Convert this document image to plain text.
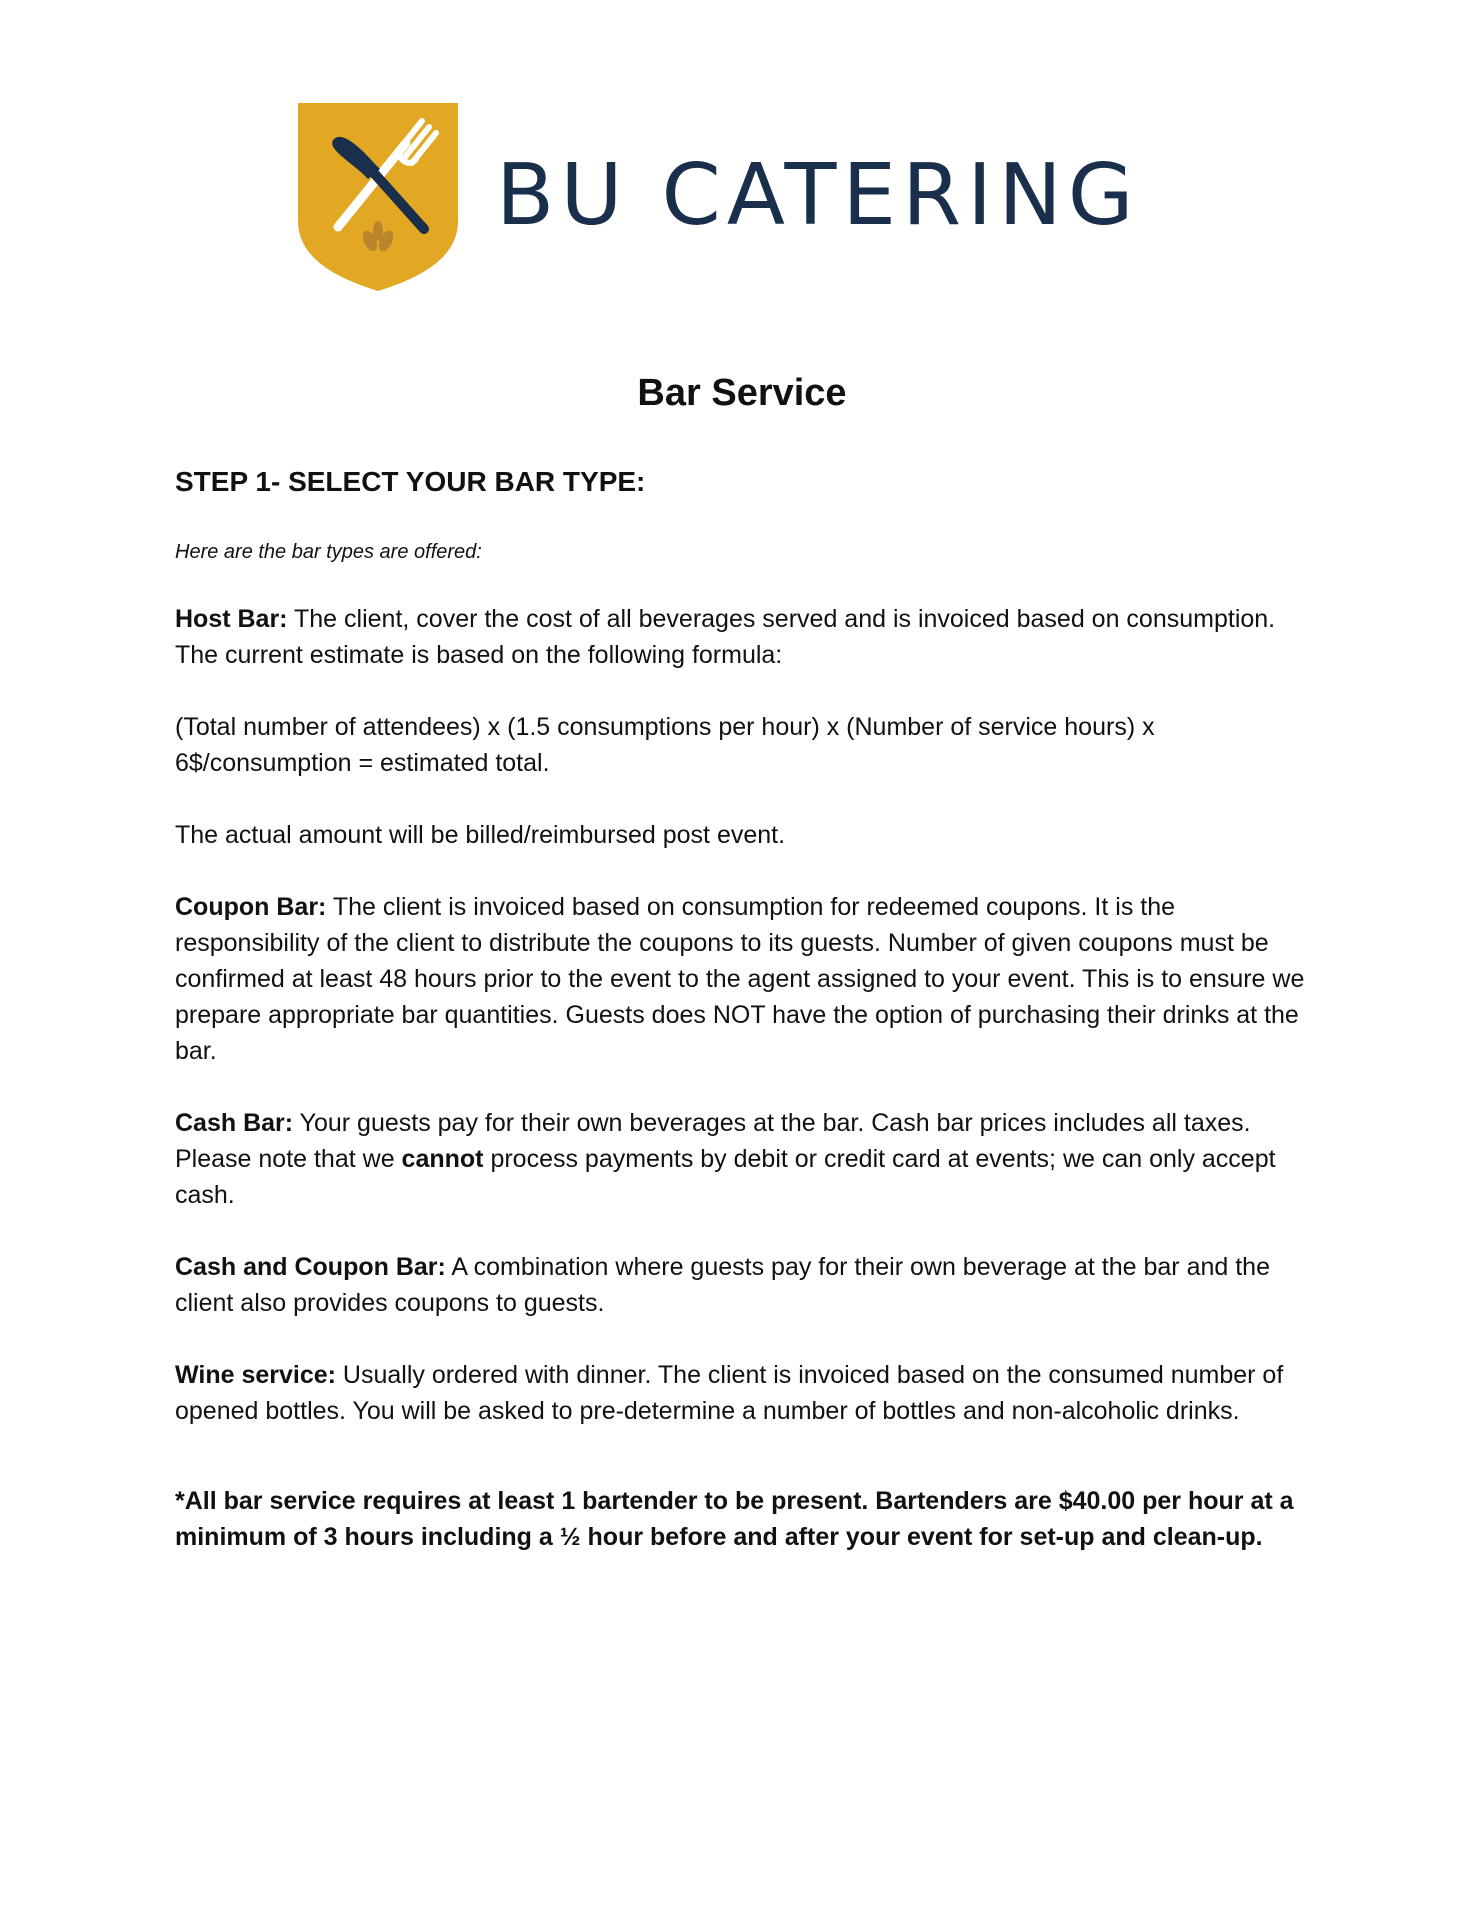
BU CATERING
Bar Service
STEP 1- SELECT YOUR BAR TYPE:
Here are the bar types are offered:

Host Bar: The client, cover the cost of all beverages served and is invoiced based on consumption. The current estimate is based on the following formula:

(Total number of attendees) x (1.5 consumptions per hour) x (Number of service hours) x 6$/consumption = estimated total.

The actual amount will be billed/reimbursed post event.

Coupon Bar: The client is invoiced based on consumption for redeemed coupons. It is the responsibility of the client to distribute the coupons to its guests. Number of given coupons must be confirmed at least 48 hours prior to the event to the agent assigned to your event. This is to ensure we prepare appropriate bar quantities. Guests does NOT have the option of purchasing their drinks at the bar.

Cash Bar: Your guests pay for their own beverages at the bar. Cash bar prices includes all taxes. Please note that we cannot process payments by debit or credit card at events; we can only accept cash.

Cash and Coupon Bar: A combination where guests pay for their own beverage at the bar and the client also provides coupons to guests.

Wine service: Usually ordered with dinner. The client is invoiced based on the consumed number of opened bottles. You will be asked to pre-determine a number of bottles and non-alcoholic drinks.

*All bar service requires at least 1 bartender to be present. Bartenders are $40.00 per hour at a minimum of 3 hours including a ½ hour before and after your event for set-up and clean-up.
